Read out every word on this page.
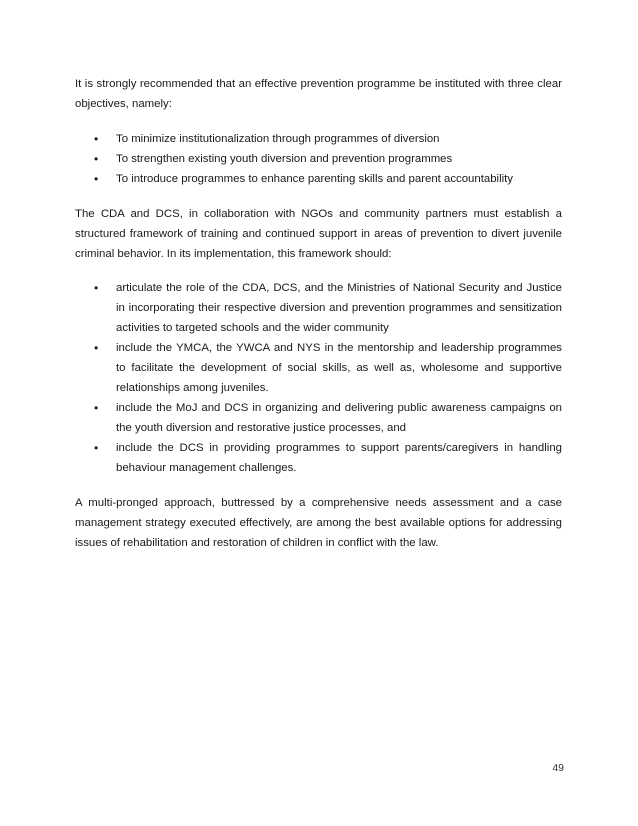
It is strongly recommended that an effective prevention programme be instituted with three clear objectives, namely:

• To minimize institutionalization through programmes of diversion
• To strengthen existing youth diversion and prevention programmes
• To introduce programmes to enhance parenting skills and parent accountability

The CDA and DCS, in collaboration with NGOs and community partners must establish a structured framework of training and continued support in areas of prevention to divert juvenile criminal behavior. In its implementation, this framework should:

• articulate the role of the CDA, DCS, and the Ministries of National Security and Justice in incorporating their respective diversion and prevention programmes and sensitization activities to targeted schools and the wider community
• include the YMCA, the YWCA and NYS in the mentorship and leadership programmes to facilitate the development of social skills, as well as, wholesome and supportive relationships among juveniles.
• include the MoJ and DCS in organizing and delivering public awareness campaigns on the youth diversion and restorative justice processes, and
• include the DCS in providing programmes to support parents/caregivers in handling behaviour management challenges.

A multi-pronged approach, buttressed by a comprehensive needs assessment and a case management strategy executed effectively, are among the best available options for addressing issues of rehabilitation and restoration of children in conflict with the law.

49
